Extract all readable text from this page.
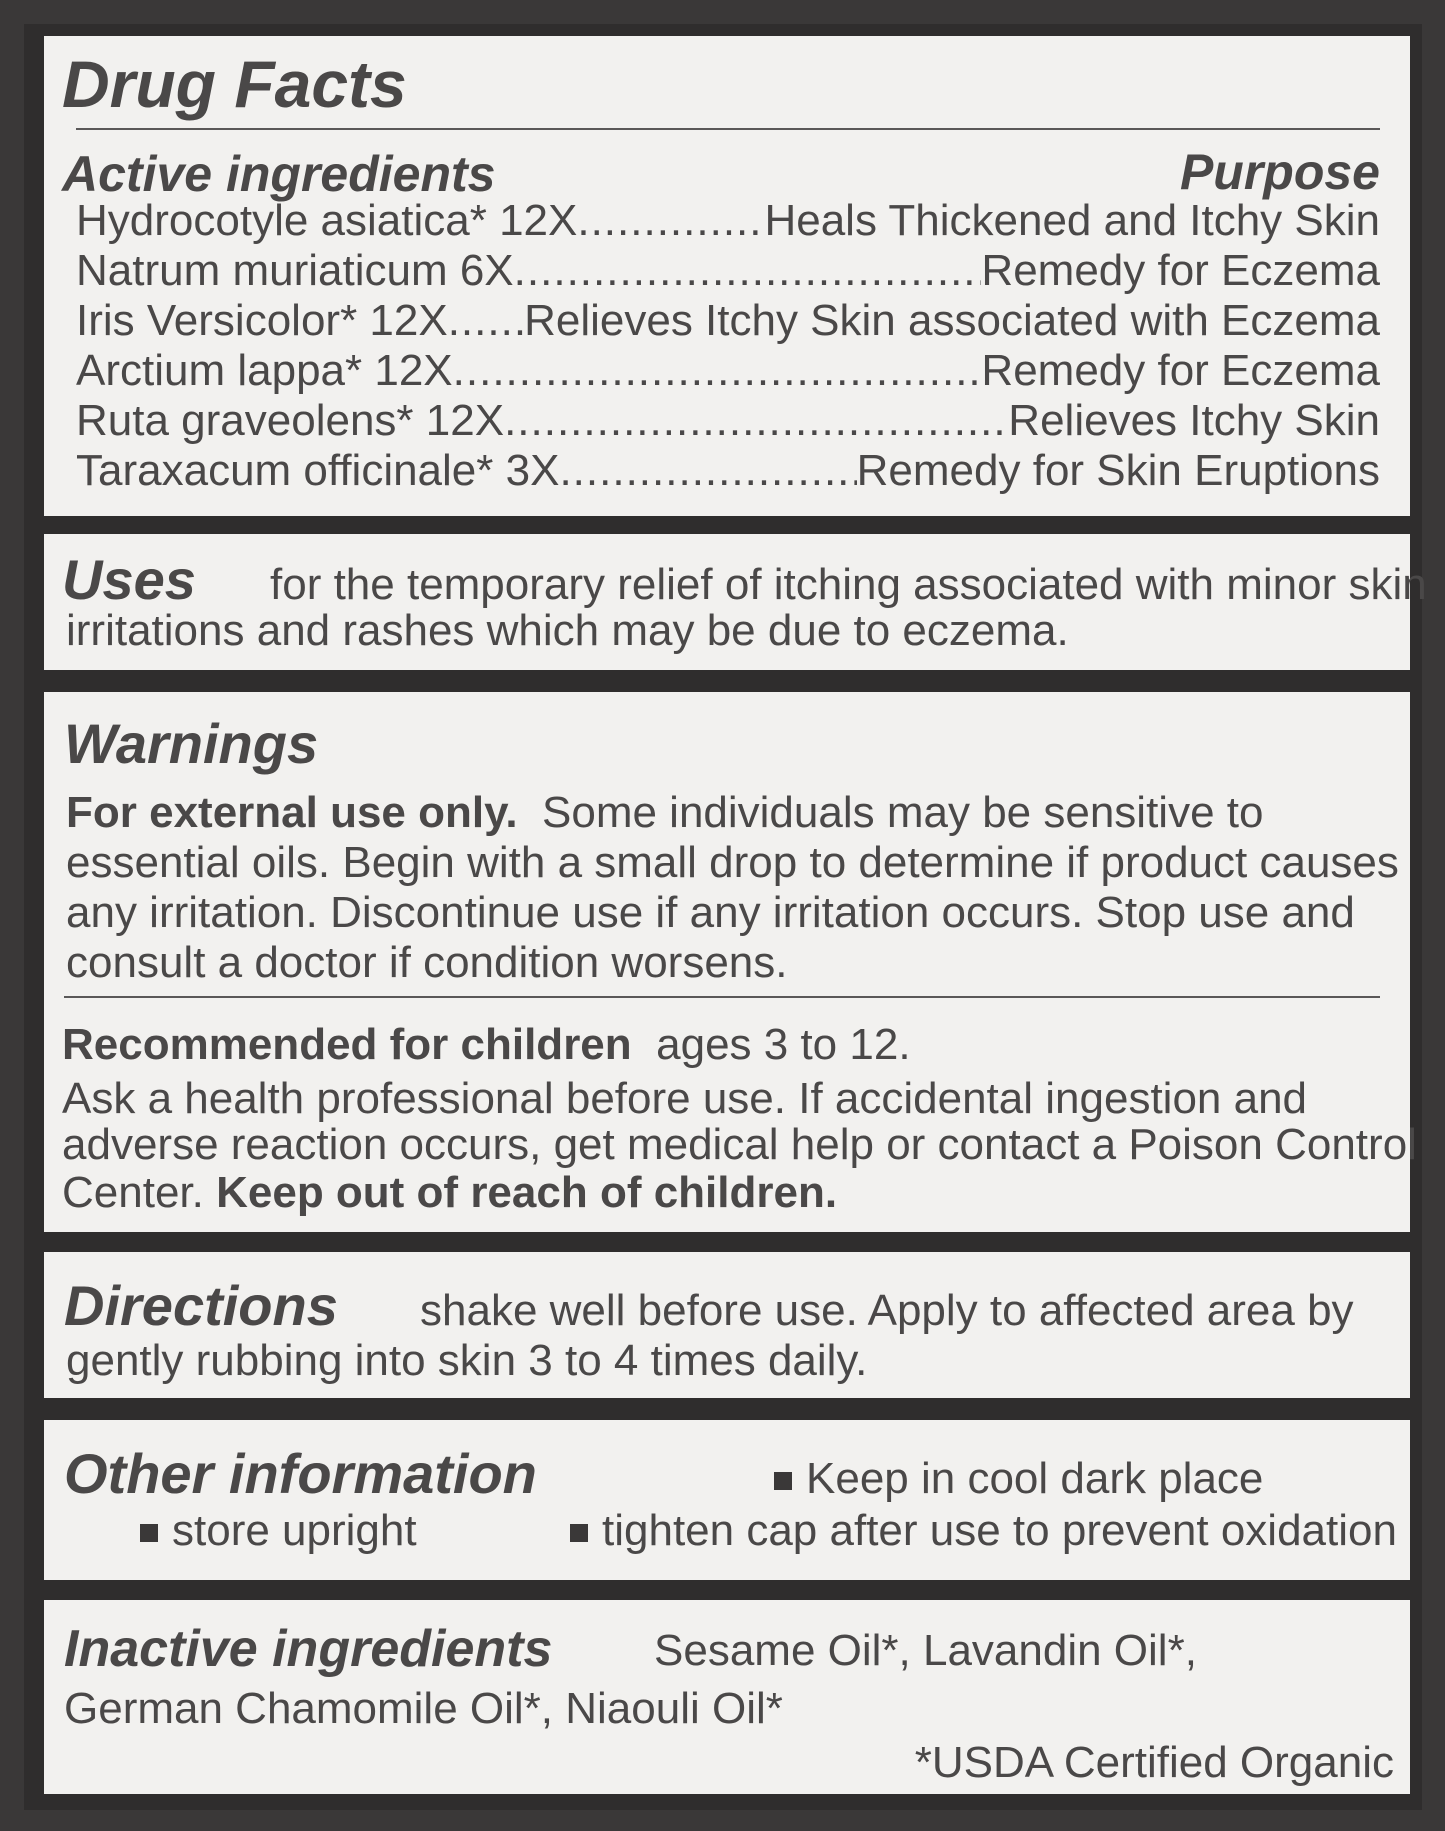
Drug Facts
Active ingredients	Purpose
Hydrocotyle asiatica* 12X .....	Heals Thickened and Itchy Skin
Natrum muriaticum 6X .....	Remedy for Eczema
Iris Versicolor* 12X ..... Relieves Itchy Skin associated with Eczema
Arctium lappa* 12X .....	Remedy for Eczema
Ruta graveolens* 12X .....	Relieves Itchy Skin
Taraxacum officinale* 3X .....	Remedy for Skin Eruptions
Uses for the temporary relief of itching associated with minor skin
irritations and rashes which may be due to eczema.
Warnings
For external use only. Some individuals may be sensitive to
essential oils. Begin with a small drop to determine if product causes
any irritation. Discontinue use if any irritation occurs. Stop use and
consult a doctor if condition worsens.
Recommended for children ages 3 to 12.
Ask a health professional before use. If accidental ingestion and
adverse reaction occurs, get medical help or contact a Poison Control
Center. Keep out of reach of children.
Directions shake well before use. Apply to affected area by
gently rubbing into skin 3 to 4 times daily.
Other information	Keep in cool dark place
store upright	tighten cap after use to prevent oxidation
Inactive ingredients Sesame Oil*, Lavandin Oil*,
German Chamomile Oil*, Niaouli Oil*
*USDA Certified Organic
